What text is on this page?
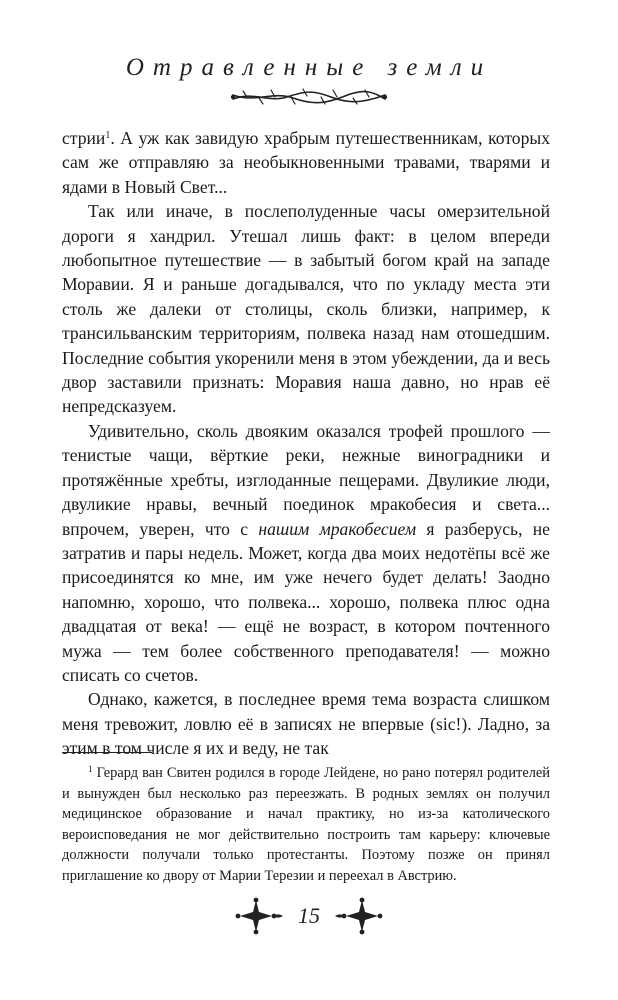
Отравленные земли

стрии$^1$. А уж как завидую храбрым путешественникам, которых сам же отправляю за необыкновенными травами, тварями и ядами в Новый Свет...

Так или иначе, в послеполуденные часы омерзительной дороги я хандрил. Утешал лишь факт: в целом впереди любопытное путешествие — в забытый богом край на западе Моравии. Я и раньше догадывался, что по укладу места эти столь же далеки от столицы, сколь близки, например, к трансильванским территориям, полвека назад нам отошедшим. Последние события укоренили меня в этом убеждении, да и весь двор заставили признать: Моравия наша давно, но нрав её непредсказуем.

Удивительно, сколь двояким оказался трофей прошлого — тенистые чащи, вёрткие реки, нежные виноградники и протяжённые хребты, изглоданные пещерами. Двуликие люди, двуликие нравы, вечный поединок мракобесия и света... впрочем, уверен, что с нашим мракобесием я разберусь, не затратив и пары недель. Может, когда два моих недотёпы всё же присоединятся ко мне, им уже нечего будет делать! Заодно напомню, хорошо, что полвека... хорошо, полвека плюс одна двадцатая от века! — ещё не возраст, в котором почтенного мужа — тем более собственного преподавателя! — можно списать со счетов.

Однако, кажется, в последнее время тема возраста слишком меня тревожит, ловлю её в записях не впервые (sic!). Ладно, за этим в том числе я их и веду, не так

$^1$ Герард ван Свитен родился в городе Лейдене, но рано потерял родителей и вынужден был несколько раз переезжать. В родных землях он получил медицинское образование и начал практику, но из-за католического вероисповедания не мог действительно построить там карьеру: ключевые должности получали только протестанты. Поэтому позже он принял приглашение ко двору от Марии Терезии и переехал в Австрию.
15
